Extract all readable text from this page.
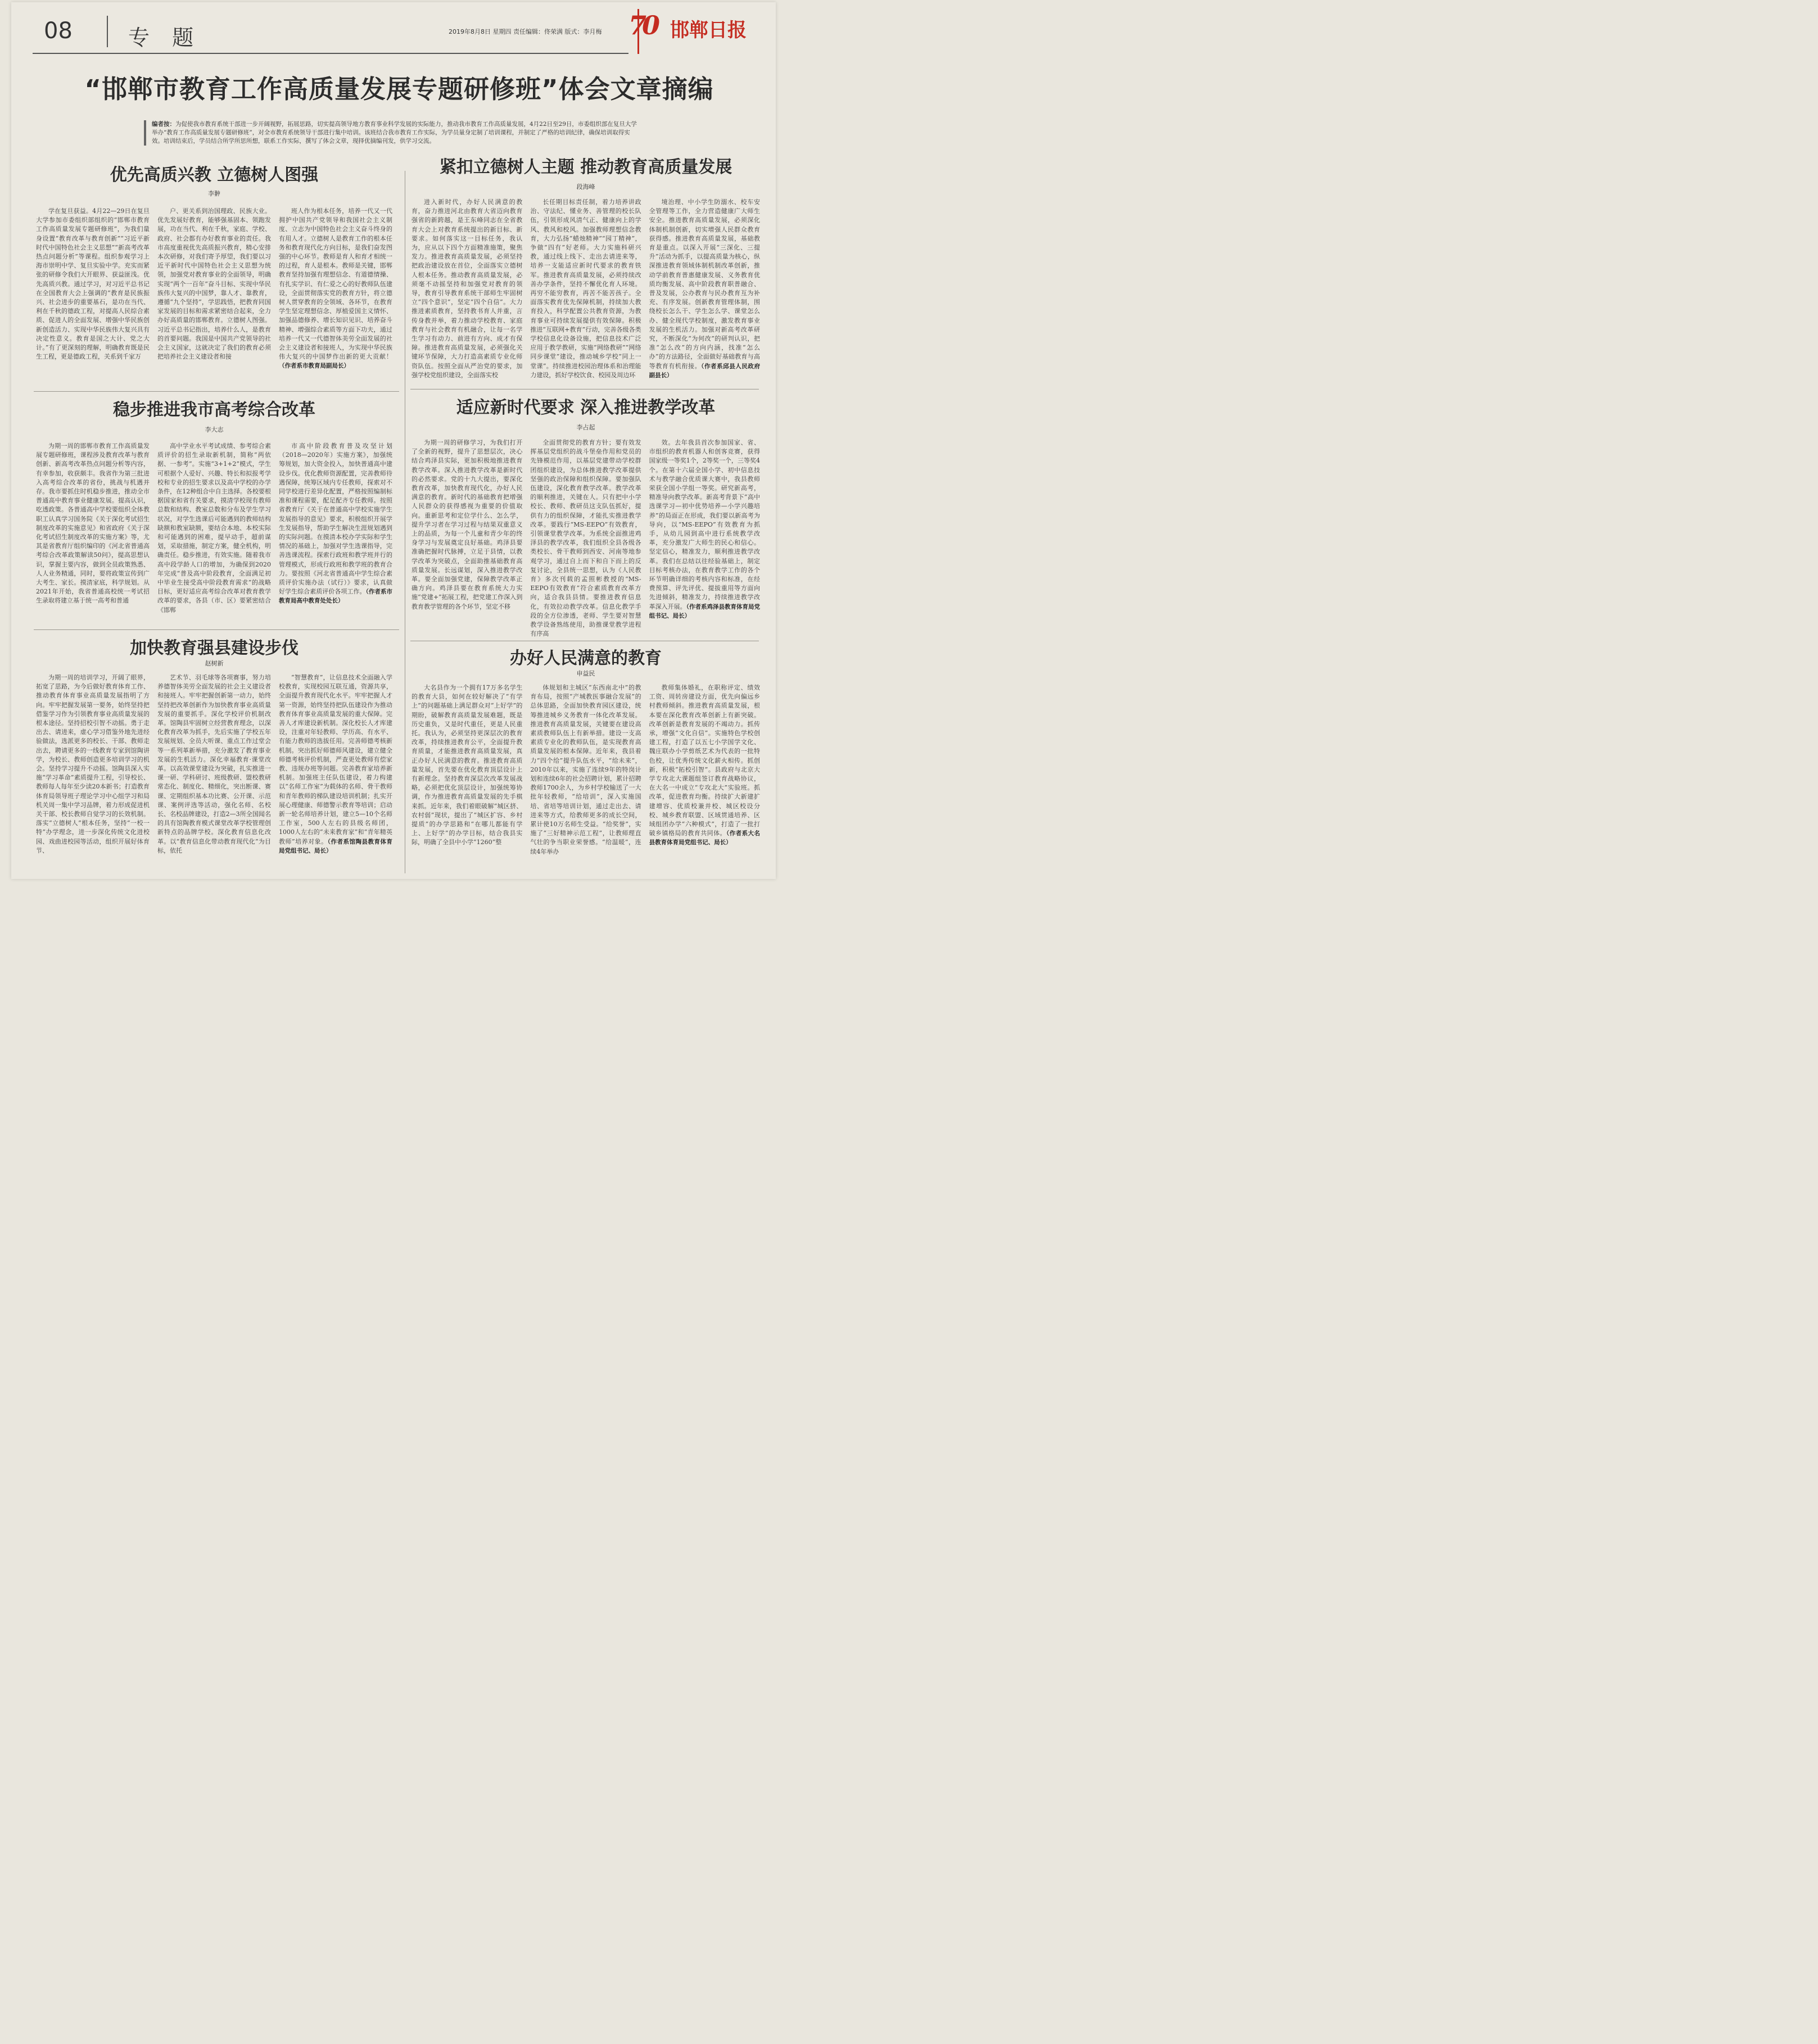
08	专 题	2019年8月8日 星期四 责任编辑：佟荣满 版式：李月梅 70 邯郸日报
“邯郸市教育工作高质量发展专题研修班”体会文章摘编
编者按：为促使我市教育系统干部进一步开阔视野，拓展思路，切实提高领导地方教育事业科学发展的实际能力，推动我市教育工作高质量发展，4月22日至29日，市委组织部在复旦大学举办“教育工作高质量发展专题研修班”，对全市教育系统领导干部进行集中培训。该班结合我市教育工作实际，为学员量身定制了培训课程，并制定了严格的培训纪律，确保培训取得实效。培训结束后，学员结合所学所思所想，联系工作实际，撰写了体会文章，现择优摘编刊发，供学习交流。
优先高质兴教 立德树人图强
李翀

学在复旦获益。4月22—29日在复旦大学参加市委组织部组织的“邯郸市教育工作高质量发展专题研修班”，为我们量身设置“教育改革与教育创新”“习近平新时代中国特色社会主义思想”“新高考改革热点问题分析”等课程。组织参观学习上海市崇明中学、复旦实验中学。充实而紧张的研修令我们大开眼界、获益匪浅。优先高质兴教。通过学习，对习近平总书记在全国教育大会上强调的“教育是民族振兴、社会进步的重要基石，是功在当代、利在千秋的德政工程，对提高人民综合素质、促进人的全面发展、增强中华民族创新创造活力、实现中华民族伟大复兴具有决定性意义。教育是国之大计、党之大计。”有了更深刻的理解，明确教育既是民生工程，更是德政工程，关系到千家万

户、更关系到治国理政、民族大业。优先发展好教育，能够强基固本、领跑发展，功在当代、利在千秋，家庭、学校、政府、社会都有办好教育事业的责任。我市高度重视优先高质振兴教育，精心安排本次研修，对我们寄予厚望，我们要以习近平新时代中国特色社会主义思想为统领，加强党对教育事业的全面领导，明确实现“两个一百年”奋斗目标、实现中华民族伟大复兴的中国梦，靠人才、靠教育，遵循“九个坚持”，学思践悟，把教育同国家发展的目标和需求紧密结合起来，全力办好高质量的邯郸教育。立德树人图强。习近平总书记指出，培养什么人，是教育的首要问题。我国是中国共产党领导的社会主义国家，这就决定了我们的教育必须把培养社会主义建设者和接

班人作为根本任务，培养一代又一代拥护中国共产党领导和我国社会主义制度、立志为中国特色社会主义奋斗终身的有用人才。立德树人是教育工作的根本任务和教育现代化方向目标，是我们奋发图强的中心环节。教师是育人和育才相统一的过程，育人是根本。教师是关键，邯郸教育坚持加强有理想信念、有道德情操、有扎实学识、有仁爱之心的好教师队伍建设，全面贯彻落实党的教育方针，将立德树人贯穿教育的全领域、各环节，在教育学生坚定理想信念、厚植爱国主义情怀、加强品德修养、增长知识见识、培养奋斗精神、增强综合素质等方面下功夫，通过培养一代又一代德智体美劳全面发展的社会主义建设者和接班人，为实现中华民族伟大复兴的中国梦作出新的更大贡献！（作者系市教育局副局长）

紧扣立德树人主题 推动教育高质量发展
段海峰

进入新时代，办好人民满意的教育，奋力推进河北由教育大省迈向教育强省的新跨越，是王东峰同志在全省教育大会上对教育系统提出的新目标、新要求。如何落实这一目标任务，我认为，应从以下四个方面精准施策，聚焦发力。推进教育高质量发展，必须坚持把政治建设放在首位，全面落实立德树人根本任务。推动教育高质量发展，必须毫不动摇坚持和加强党对教育的领导，教育引导教育系统干部师生牢固树立“四个意识”，坚定“四个自信”。大力推进素质教育，坚持教书育人并重，言传身教并举，着力推动学校教育、家庭教育与社会教育有机融合，让每一名学生学习有动力、前进有方向、成才有保障。推进教育高质量发展，必须强化关键环节保障，大力打造高素质专业化师资队伍。按照全面从严治党的要求，加强学校党组织建设，全面落实校

长任期目标责任制，着力培养讲政治、守法纪、懂业务、善管理的校长队伍，引领形成风清气正、健康向上的学风、教风和校风。加强教师理想信念教育，大力弘扬“蜡烛精神”“园丁精神”，争做“四有”好老师。大力实施科研兴教，通过线上线下、走出去请进来等，培养一支能适应新时代要求的教育铁军。推进教育高质量发展，必须持续改善办学条件，坚持不懈优化育人环境。再穷不能穷教育，再苦不能苦孩子。全面落实教育优先保障机制，持续加大教育投入，科学配置公共教育资源，为教育事业可持续发展提供有效保障。积极推进“互联网+教育”行动，完善各级各类学校信息化设备设施，把信息技术广泛应用于教学教研，实施“网络教研”“网络同步课堂”建设，推动城乡学校“同上一堂课”。持续推进校园治理体系和治理能力建设，抓好学校饮食、校园及周边环

境治理、中小学生防溺水、校车安全管理等工作，全力营造健康广大师生安全。推进教育高质量发展，必须深化体制机制创新，切实增强人民群众教育获得感。推进教育高质量发展，基础教育是重点。以深入开展“三深化、三提升”活动为抓手，以提高质量为核心，纵深推进教育领域体制机制改革创新，推动学前教育普惠健康发展、义务教育优质均衡发展、高中阶段教育职普融合、普及发展，公办教育与民办教育互为补充、有序发展。创新教育管理体制，围绕校长怎么干、学生怎么学、课堂怎么办、健全现代学校制度，激发教育事业发展的生机活力。加强对新高考改革研究，不断深化“为何改”的研判认识，把准“怎么改”的方向内涵，找准“怎么办”的方法路径，全面做好基础教育与高等教育有机衔接。（作者系邱县人民政府副县长）

稳步推进我市高考综合改革
李大志

为期一周的邯郸市教育工作高质量发展专题研修班，课程涉及教育改革与教育创新、新高考改革热点问题分析等内容，有幸参加，收获颇丰。我省作为第三批进入高考综合改革的省份，挑战与机遇并存。我市要抓住时机稳步推进，推动全市普通高中教育事业健康发展。提高认识，吃透政策。各普通高中学校要组织全体教职工认真学习国务院《关于深化考试招生制度改革的实施意见》和省政府《关于深化考试招生制度改革的实施方案》等，尤其是省教育厅组织编印的《河北省普通高考综合改革政策解读50问》，提高思想认识，掌握主要内容，做到全员政策熟悉、人人业务精通，同时，要将政策宣传到广大考生、家长。摸清家底，科学规划。从2021年开始，我省普通高校统一考试招生录取将建立基于统一高考和普通

高中学业水平考试成绩、参考综合素质评价的招生录取新机制，简称“两依据、一参考”。实施“3+1+2”模式，学生可根据个人爱好、兴趣、特长和拟报考学校和专业的招生要求以及高中学校的办学条件，在12种组合中自主选择。各校要根据国家和省有关要求，摸清学校现有教师总数和结构、教室总数和分布及学生学习状况，对学生选课后可能遇到的教师结构缺额和教室缺额，要结合本地、本校实际和可能遇到的困难，提早动手，超前谋划，采取措施，制定方案，健全机构，明确责任。稳步推进，有效实施。随着我市高中段学龄人口的增加，为确保到2020年完成“普及高中阶段教育，全面满足初中毕业生接受高中阶段教育需求”的战略目标，更好适应高考综合改革对教育教学改革的要求，各县（市、区）要紧密结合《邯郸

市高中阶段教育普及攻坚计划（2018—2020年）实施方案》，加强统筹规划，加大资金投入，加快普通高中建设步伐。优化教师资源配置，完善教师待遇保障，统筹区域内专任教师，探索对不同学校进行差异化配置，严格按照编制标准和课程需要，配足配齐专任教师。按照省教育厅《关于在普通高中学校实施学生发展指导的意见》要求，积极组织开展学生发展指导，帮助学生解决生涯规划遇到的实际问题。在摸清本校办学实际和学生情况的基础上，加强对学生选课指导，完善选课流程。探索行政班和教学班并行的管理模式，形成行政班和教学班的教育合力。要按照《河北省普通高中学生综合素质评价实施办法（试行）》要求，认真做好学生综合素质评价各项工作。（作者系市教育局高中教育处处长）

适应新时代要求 深入推进教学改革
李占起

为期一周的研修学习，为我们打开了全新的视野，提升了思想层次，决心结合鸡泽县实际，更加积极地推进教育教学改革。深入推进教学改革是新时代的必然要求。党的十九大提出，要深化教育改革，加快教育现代化，办好人民满意的教育。新时代的基础教育把增强人民群众的获得感视为重要的价值取向。重新思考和定位学什么、怎么学，提升学习者在学习过程与结果双重意义上的品质，为每一个儿童和青少年的终身学习与发展奠定良好基础。鸡泽县要准确把握时代脉搏，立足于县情，以教学改革为突破点，全面助推基础教育高质量发展。长远谋划，深入推进教学改革。要全面加强党建，保障教学改革正确方向。鸡泽县要在教育系统大力实施“党建+”拓展工程，把党建工作深入到教育教学管理的各个环节，坚定不移

全面贯彻党的教育方针；要有效发挥基层党组织的战斗堡垒作用和党员的先锋模范作用，以基层党建带动学校群团组织建设，为总体推进教学改革提供坚强的政治保障和组织保障。要加强队伍建设，深化教育教学改革。教学改革的顺利推进，关键在人。只有把中小学校长、教师、教研员这支队伍抓好，提供有力的组织保障，才能扎实推进教学改革。要践行“MS-EEPO”有效教育，引领课堂教学改革。为系统全面推进鸡泽县的教学改革，我们组织全县各级各类校长、骨干教师到西安、河南等地参观学习，通过自上而下和自下而上的反复讨论，全县统一思想，认为《人民教育》多次刊载的孟照彬教授的“MS-EEPO有效教育”符合素质教育改革方向，适合我县县情。要推进教育信息化，有效拉动教学改革。信息化教学手段的全方位渗透，老师、学生要对智慧教学设备熟练使用，助推课堂教学进程有序高

效。去年我县首次参加国家、省、市组织的教育机器人和创客竞赛，获得国家级一等奖1个，2等奖一个，三等奖4个。在第十六届全国小学、初中信息技术与教学融合优质课大赛中，我县教师荣获全国小学组一等奖。研究新高考，精准导向教学改革。新高考背景下“高中选课学习—初中优势培养—小学兴趣培养”的局面正在形成，我们要以新高考为导向，以“MS-EEPO”有效教育为抓手，从幼儿园到高中进行系统教学改革，充分激发广大师生的民心和信心。坚定信心，精准发力，顺利推进教学改革。我们在总结以往经验基础上，制定目标考核办法，在教育教学工作的各个环节明确详细的考核内容和标准，在经费预算、评先评优、提拔重用等方面向先进倾斜，精准发力，持续推进教学改革深入开展。（作者系鸡泽县教育体育局党组书记、局长）

加快教育强县建设步伐
赵树新

为期一周的培训学习，开阔了眼界，拓宽了思路，为今后做好教育体育工作、推动教育体育事业高质量发展指明了方向。牢牢把握发展第一要务，始终坚持把借鉴学习作为引领教育事业高质量发展的根本途径。坚持招校引智不动摇。勇于走出去、请进来，虚心学习借鉴外地先进经验做法，选派更多的校长、干部、教师走出去，聘请更多的一线教育专家到馆陶讲学，为校长、教师创造更多培训学习的机会。坚持学习提升不动摇。馆陶县深入实施“学习革命”素质提升工程，引导校长、教师每人每年至少读20本新书；打造教育体育局领导班子理论学习中心组学习和局机关周一集中学习品牌，着力形成促进机关干部、校长教师自觉学习的长效机制。落实“立德树人”根本任务，坚持“一校一特”办学理念，进一步深化传统文化进校园、戏曲进校园等活动，组织开展好体育节、

艺术节、羽毛球等各项赛事，努力培养德智体美劳全面发展的社会主义建设者和接班人。牢牢把握创新第一动力，始终坚持把改革创新作为加快教育事业高质量发展的重要抓手。深化学校评价机制改革。馆陶县牢固树立经营教育理念，以深化教育改革为抓手，先后实施了学校五年发展规划、全员大听课、重点工作过堂会等一系列革新举措，充分激发了教育事业发展的生机活力。深化幸福教育·课堂改革。以高效课堂建设为突破，扎实推进一课一研、学科研讨、班级教研、盟校教研常态化、制度化、精细化，突出断课、赛课、定期组织基本功比赛、公开课、示范课、案例评选等活动，强化名师、名校长、名校品牌建设，打造2—3所全国闻名的具有馆陶教育模式课堂改革学校管理创新特点的品牌学校。深化教育信息化改革。以“教育信息化带动教育现代化”为目标，依托

“智慧教育”，让信息技术全面融入学校教育，实现校园互联互通，资源共享，全面提升教育现代化水平。牢牢把握人才第一资源，始终坚持把队伍建设作为推动教育体育事业高质量发展的重大保障。完善人才库建设新机制。深化校长人才库建设，注重对年轻教师、学历高、有水平、有能力教师的选拔任用。完善师德考核新机制。突出抓好师德师风建设，建立健全师德考核评价机制，严查更处教师有偿家教、违规办班等问题。完善教育家培养新机制。加强班主任队伍建设，着力构建以“名师工作室”为载体的名师、骨干教师和青年教师的梯队建设培训机制；扎实开展心理健康、师德警示教育等培训；启动新一轮名师培养计划，建立5—10个名师工作室，500人左右的县级名师团，1000人左右的“未来教育家”和“青年精英教师”培养对象。（作者系馆陶县教育体育局党组书记、局长）

办好人民满意的教育
申益民

大名县作为一个拥有17万多名学生的教育大县，如何在较好解决了“有学上”的问题基础上满足群众对“上好学”的期盼，破解教育高质量发展难题，既是历史重负，又是时代重任，更是人民重托。我认为，必须坚持更深层次的教育改革，持续推进教育公平，全面提升教育质量，才能推进教育高质量发展，真正办好人民满意的教育。推进教育高质量发展，首先要在优化教育顶层设计上有新理念。坚持教育深层次改革发展战略，必须把优化顶层设计，加强统筹协调，作为推进教育高质量发展的先手棋来抓。近年来，我们着眼破解“城区挤、农村弱”现状，提出了“城区扩容、乡村提质”的办学思路和“在哪儿都能有学上、上好学”的办学目标，结合我县实际，明确了全县中小学“1260”整

体规划和主城区“东西南北中”的教育布局，按照“产城教医事融合发展”的总体思路，全面加快教育园区建设，统筹推进城乡义务教育一体化改革发展。推进教育高质量发展，关键要在建设高素质教师队伍上有新举措。建设一支高素质专业化的教师队伍，是实现教育高质量发展的根本保障。近年来，我县着力“四个给”提升队伍水平，“给未来”，2010年以来，实施了连续9年的特岗计划和连续6年的社会招聘计划，累计招聘教师1700余人，为乡村学校输送了一大批年轻教师，“给培训”，深入实施国培、省培等培训计划，通过走出去、请进来等方式，给教师更多的成长空间，累计使10万名师生受益。“给奖誉”，实施了“三好精神示范工程”，让教师理直气壮的争当职业荣誉感。“给温暖”，连续4年举办

教师集体婚礼，在职称评定、绩效工资、周转房建设方面，优先向偏远乡村教师倾斜。推进教育高质量发展，根本要在深化教育改革创新上有新突破。改革创新是教育发展的不竭动力。抓传承，增强“文化自信”。实施特色学校创建工程，打造了以五七小学国学文化、魏庄联办小学剪纸艺术为代表的一批特色校，让优秀传统文化薪火相传。抓创新，积极“拓校引智”。县政府与北京大学专攻北大课题组签订教育战略协议，在大名一中成立“专攻北大”实验班。抓改革，促进教育均衡。持续扩大新建扩建增容、优质校兼并校、城区校设分校、城乡教育联盟、区域贯通培养、区域组团办学“六种模式”，打造了一批打破乡镇格局的教育共同体。（作者系大名县教育体育局党组书记、局长）
